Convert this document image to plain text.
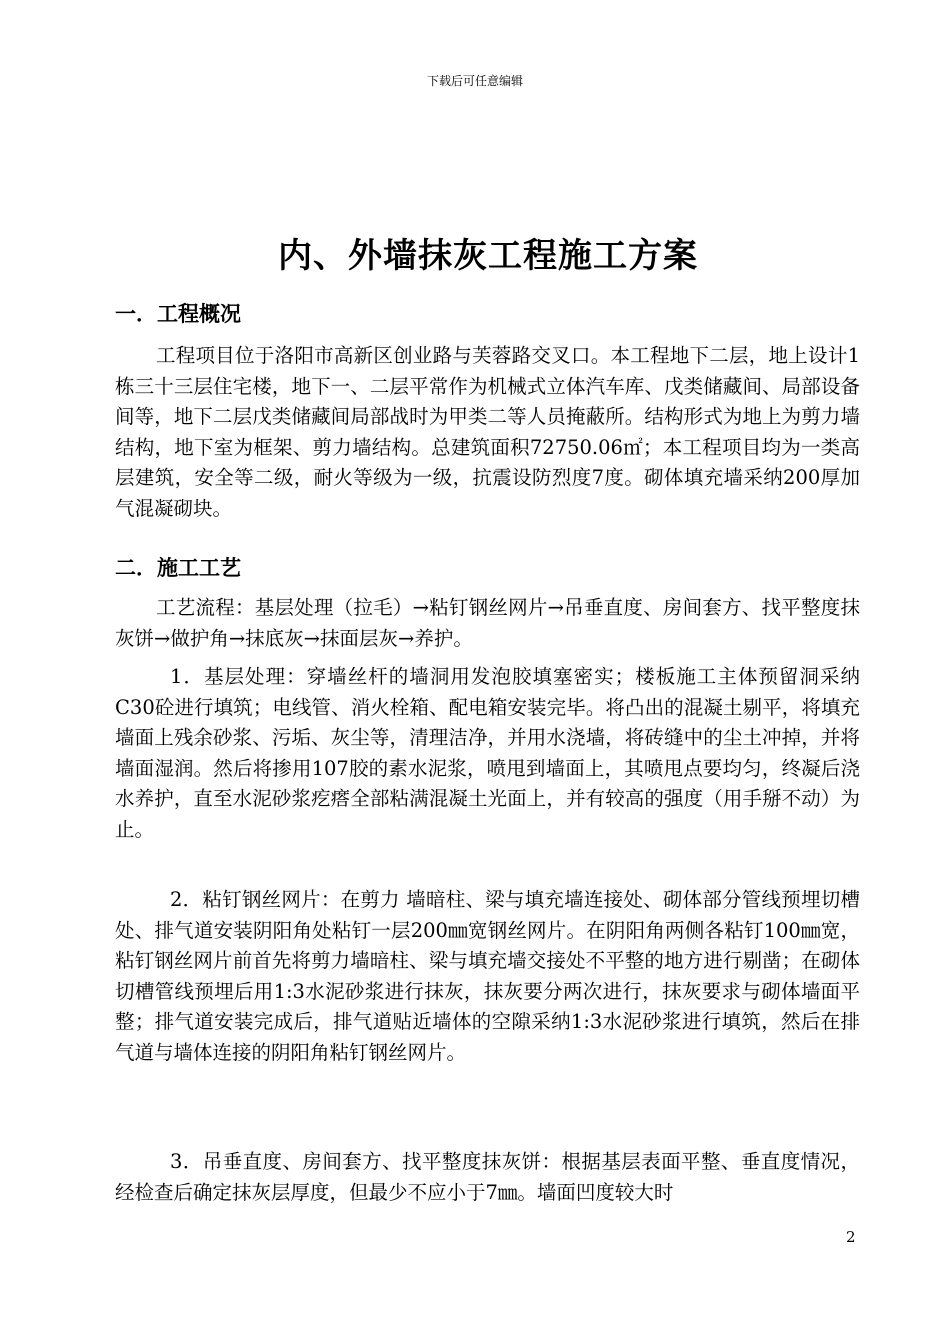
下载后可任意编辑
内、外墙抹灰工程施工方案
一．工程概况

工程项目位于洛阳市高新区创业路与芙蓉路交叉口。本工程地下二层，地上设计1栋三十三层住宅楼，地下一、二层平常作为机械式立体汽车库、戊类储藏间、局部设备间等，地下二层戊类储藏间局部战时为甲类二等人员掩蔽所。结构形式为地上为剪力墙结构，地下室为框架、剪力墙结构。总建筑面积72750.06㎡；本工程项目均为一类高层建筑，安全等二级，耐火等级为一级，抗震设防烈度7度。砌体填充墙采纳200厚加气混凝砌块。

二．施工工艺

工艺流程：基层处理（拉毛）→粘钉钢丝网片→吊垂直度、房间套方、找平整度抹灰饼→做护角→抹底灰→抹面层灰→养护。

1．基层处理：穿墙丝杆的墙洞用发泡胶填塞密实；楼板施工主体预留洞采纳C30砼进行填筑；电线管、消火栓箱、配电箱安装完毕。将凸出的混凝土剔平，将填充墙面上残余砂浆、污垢、灰尘等，清理洁净，并用水浇墙，将砖缝中的尘土冲掉，并将墙面湿润。然后将掺用107胶的素水泥浆，喷甩到墙面上，其喷甩点要均匀，终凝后浇水养护，直至水泥砂浆疙瘩全部粘满混凝土光面上，并有较高的强度（用手掰不动）为止。

2．粘钉钢丝网片：在剪力 墙暗柱、梁与填充墙连接处、砌体部分管线预埋切槽处、排气道安装阴阳角处粘钉一层200㎜宽钢丝网片。在阴阳角两侧各粘钉100㎜宽，粘钉钢丝网片前首先将剪力墙暗柱、梁与填充墙交接处不平整的地方进行剔凿；在砌体切槽管线预埋后用1:3水泥砂浆进行抹灰，抹灰要分两次进行，抹灰要求与砌体墙面平整；排气道安装完成后，排气道贴近墙体的空隙采纳1:3水泥砂浆进行填筑，然后在排气道与墙体连接的阴阳角粘钉钢丝网片。

3．吊垂直度、房间套方、找平整度抹灰饼：根据基层表面平整、垂直度情况，经检查后确定抹灰层厚度，但最少不应小于7㎜。墙面凹度较大时

2
